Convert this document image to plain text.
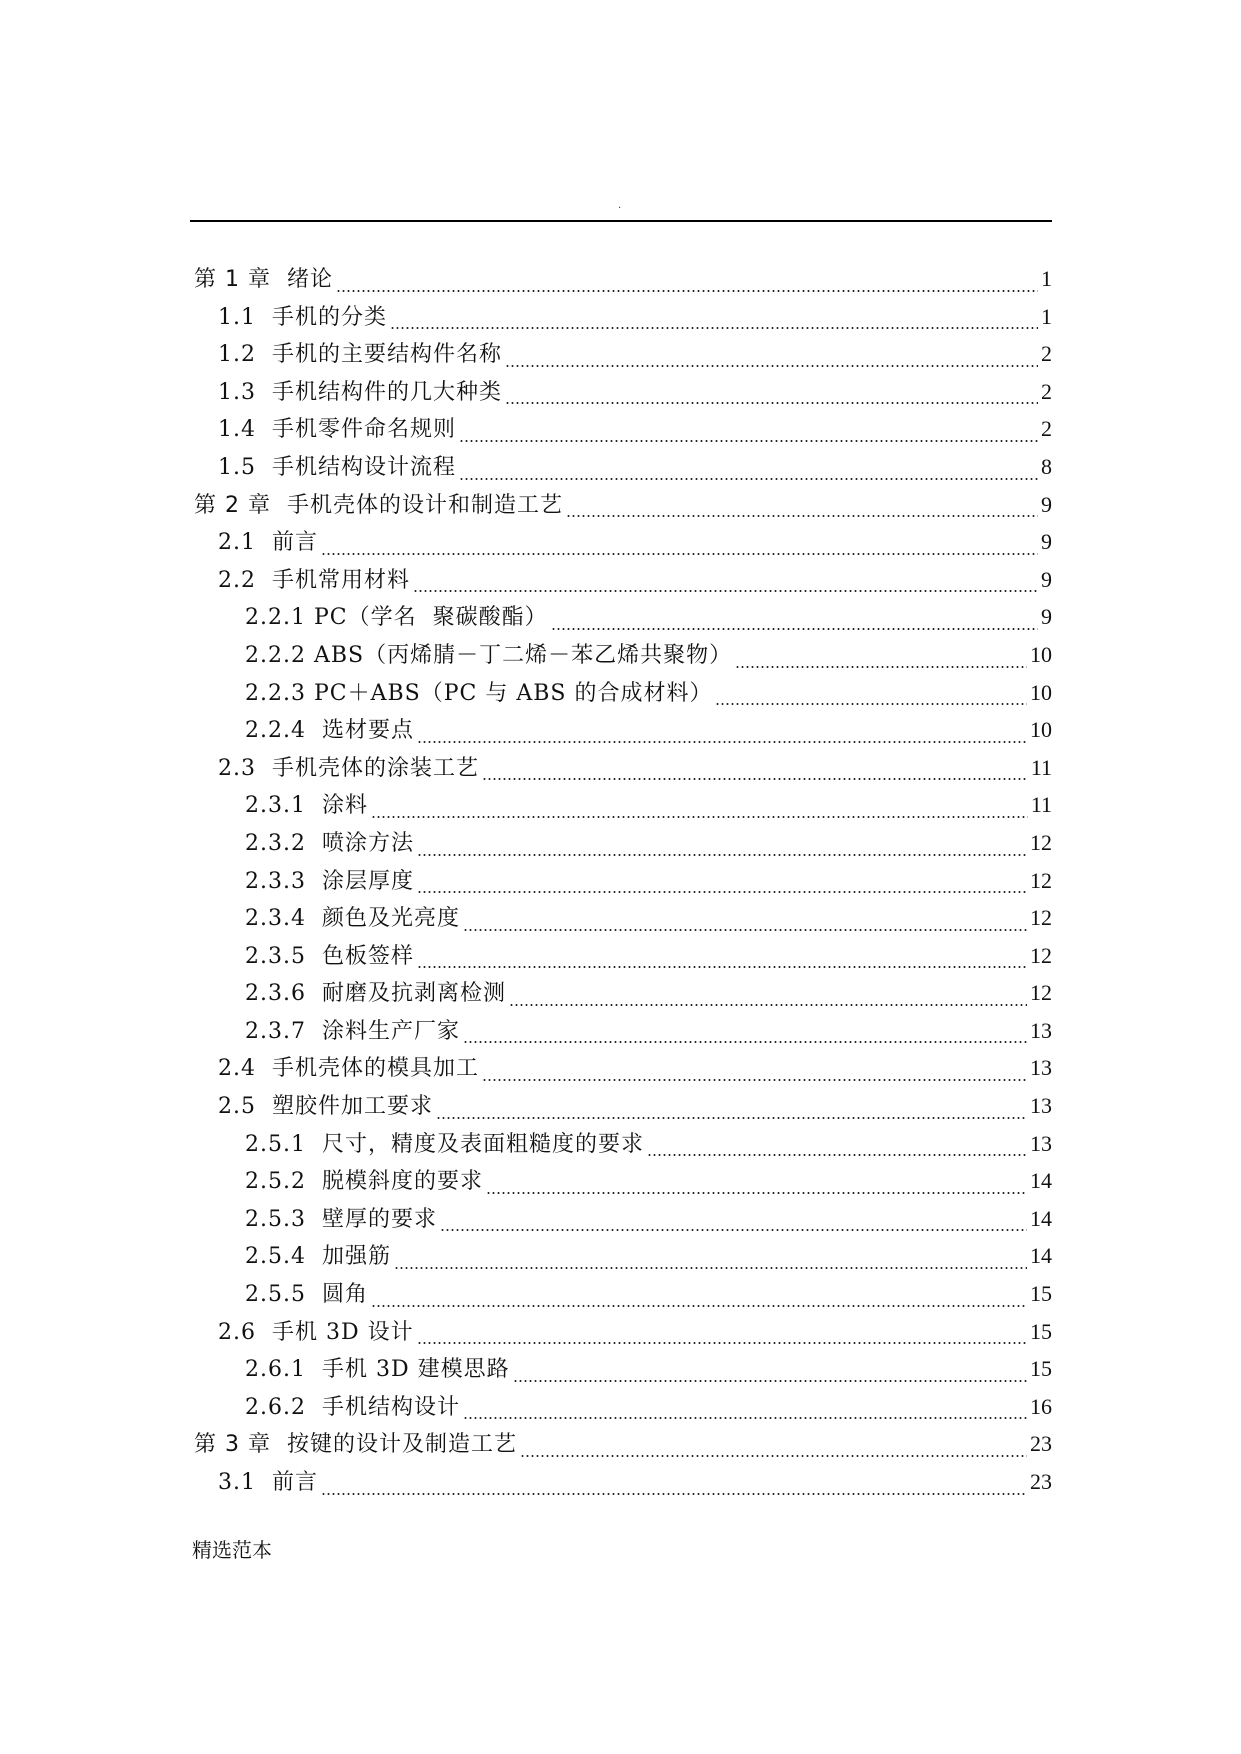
.
第 1 章  绪论	1
1.1  手机的分类	1
1.2  手机的主要结构件名称	2
1.3  手机结构件的几大种类	2
1.4  手机零件命名规则	2
1.5  手机结构设计流程	8
第 2 章  手机壳体的设计和制造工艺	9
2.1  前言	9
2.2  手机常用材料	9
2.2.1 PC（学名  聚碳酸酯）	9
2.2.2 ABS（丙烯腈－丁二烯－苯乙烯共聚物）	10
2.2.3 PC＋ABS（PC 与 ABS 的合成材料）	10
2.2.4  选材要点	10
2.3  手机壳体的涂装工艺	11
2.3.1  涂料	11
2.3.2  喷涂方法	12
2.3.3  涂层厚度	12
2.3.4  颜色及光亮度	12
2.3.5  色板签样	12
2.3.6  耐磨及抗剥离检测	12
2.3.7  涂料生产厂家	13
2.4  手机壳体的模具加工	13
2.5  塑胶件加工要求	13
2.5.1  尺寸，精度及表面粗糙度的要求	13
2.5.2  脱模斜度的要求	14
2.5.3  壁厚的要求	14
2.5.4  加强筋	14
2.5.5  圆角	15
2.6  手机 3D 设计	15
2.6.1  手机 3D 建模思路	15
2.6.2  手机结构设计	16
第 3 章  按键的设计及制造工艺	23
3.1  前言	23
精选范本
